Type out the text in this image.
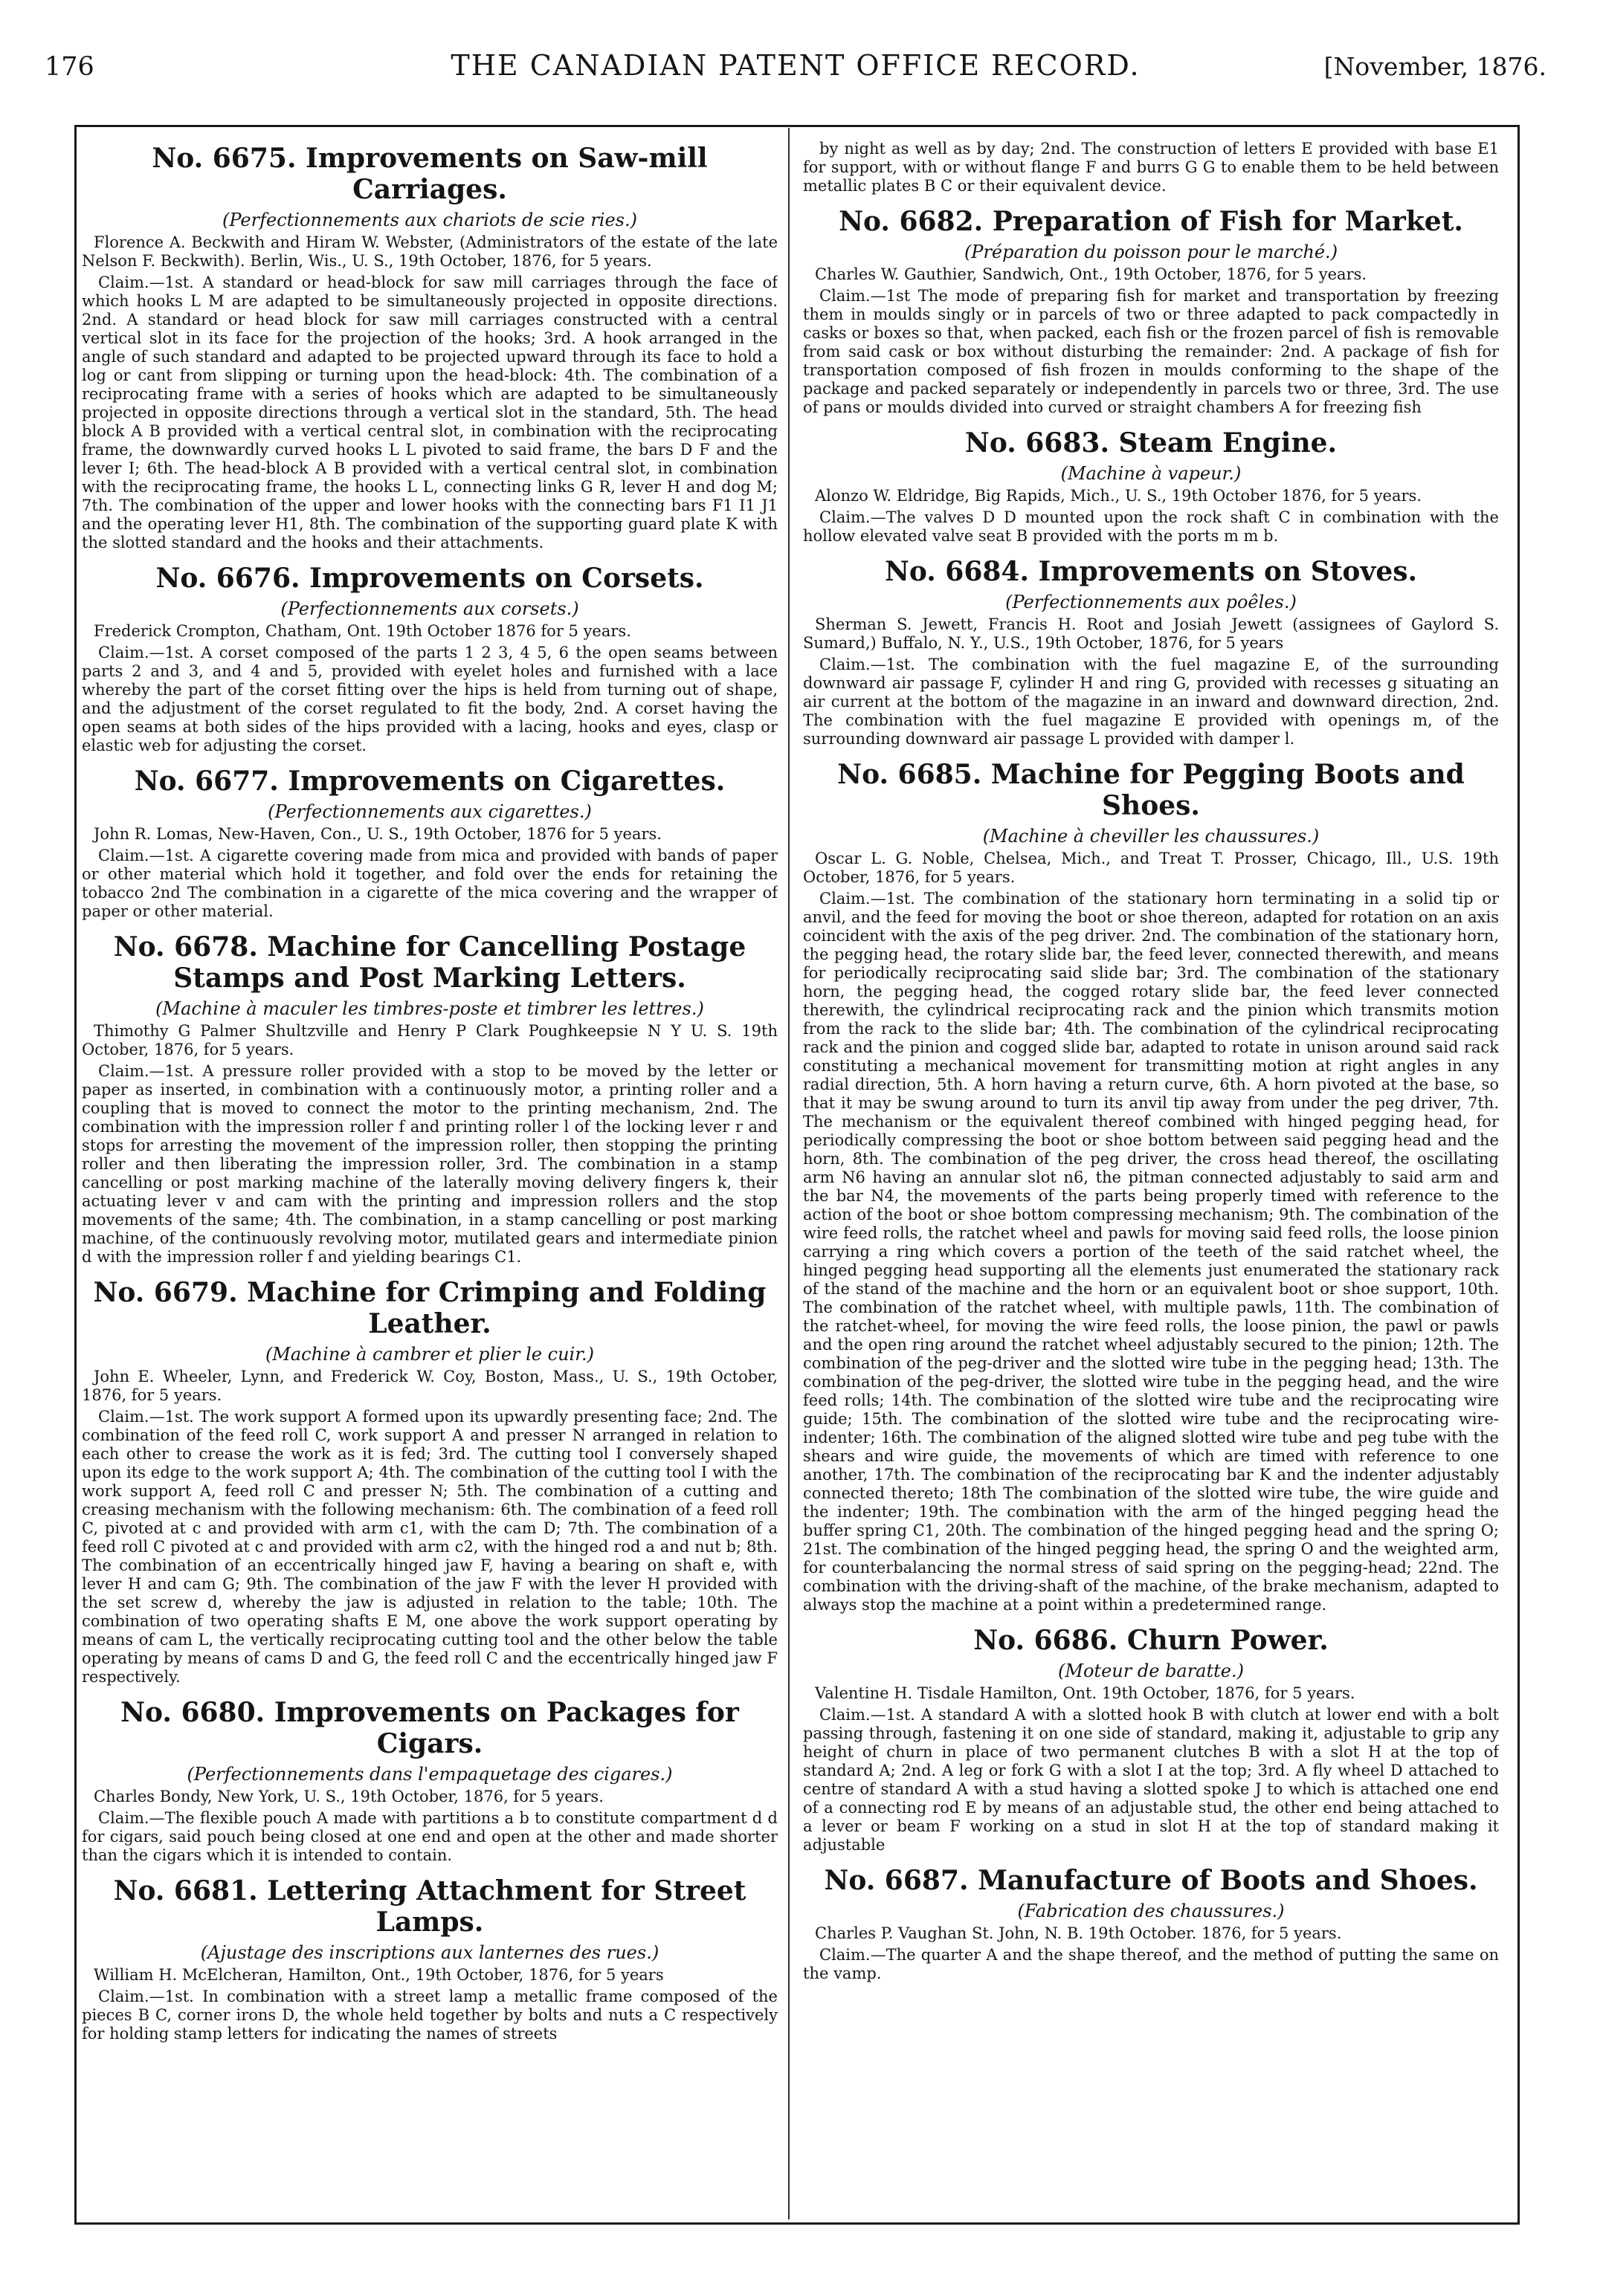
176	THE CANADIAN PATENT OFFICE RECORD.	[November, 1876.
No. 6675. Improvements on Saw-mill Carriages.
(Perfectionnements aux chariots de scie ries.)
Florence A. Beckwith and Hiram W. Webster, (Administrators of the estate of the late Nelson F. Beckwith). Berlin, Wis., U. S., 19th October, 1876, for 5 years.
Claim.—1st. A standard or head-block for saw mill carriages through the face of which hooks L M are adapted to be simultaneously projected in opposite directions. 2nd. A standard or head block for saw mill carriages constructed with a central vertical slot in its face for the projection of the hooks; 3rd. A hook arranged in the angle of such standard and adapted to be projected upward through its face to hold a log or cant from slipping or turning upon the head-block: 4th. The combination of a reciprocating frame with a series of hooks which are adapted to be simultaneously projected in opposite directions through a vertical slot in the standard, 5th. The head block A B provided with a vertical central slot, in combination with the reciprocating frame, the downwardly curved hooks L L pivoted to said frame, the bars D F and the lever I; 6th. The head-block A B provided with a vertical central slot, in combination with the reciprocating frame, the hooks L L, connecting links G R, lever H and dog M; 7th. The combination of the upper and lower hooks with the connecting bars F1 I1 J1 and the operating lever H1, 8th. The combination of the supporting guard plate K with the slotted standard and the hooks and their attachments.
No. 6676. Improvements on Corsets.
(Perfectionnements aux corsets.)
Frederick Crompton, Chatham, Ont. 19th October 1876 for 5 years.
Claim.—1st. A corset composed of the parts 1 2 3, 4 5, 6 the open seams between parts 2 and 3, and 4 and 5, provided with eyelet holes and furnished with a lace whereby the part of the corset fitting over the hips is held from turning out of shape, and the adjustment of the corset regulated to fit the body, 2nd. A corset having the open seams at both sides of the hips provided with a lacing, hooks and eyes, clasp or elastic web for adjusting the corset.
No. 6677. Improvements on Cigarettes.
(Perfectionnements aux cigarettes.)
John R. Lomas, New-Haven, Con., U. S., 19th October, 1876 for 5 years.
Claim.—1st. A cigarette covering made from mica and provided with bands of paper or other material which hold it together, and fold over the ends for retaining the tobacco 2nd The combination in a cigarette of the mica covering and the wrapper of paper or other material.
No. 6678. Machine for Cancelling Postage Stamps and Post Marking Letters.
(Machine à maculer les timbres-poste et timbrer les lettres.)
Thimothy G Palmer Shultzville and Henry P Clark Poughkeepsie N Y U. S. 19th October, 1876, for 5 years.
Claim.—1st. A pressure roller provided with a stop to be moved by the letter or paper as inserted, in combination with a continuously motor, a printing roller and a coupling that is moved to connect the motor to the printing mechanism, 2nd. The combination with the impression roller f and printing roller l of the locking lever r and stops for arresting the movement of the impression roller, then stopping the printing roller and then liberating the impression roller, 3rd. The combination in a stamp cancelling or post marking machine of the laterally moving delivery fingers k, their actuating lever v and cam with the printing and impression rollers and the stop movements of the same; 4th. The combination, in a stamp cancelling or post marking machine, of the continuously revolving motor, mutilated gears and intermediate pinion d with the impression roller f and yielding bearings C1.
No. 6679. Machine for Crimping and Folding Leather.
(Machine à cambrer et plier le cuir.)
John E. Wheeler, Lynn, and Frederick W. Coy, Boston, Mass., U. S., 19th October, 1876, for 5 years.
Claim.—1st. The work support A formed upon its upwardly presenting face; 2nd. The combination of the feed roll C, work support A and presser N arranged in relation to each other to crease the work as it is fed; 3rd. The cutting tool I conversely shaped upon its edge to the work support A; 4th. The combination of the cutting tool I with the work support A, feed roll C and presser N; 5th. The combination of a cutting and creasing mechanism with the following mechanism: 6th. The combination of a feed roll C, pivoted at c and provided with arm c1, with the cam D; 7th. The combination of a feed roll C pivoted at c and provided with arm c2, with the hinged rod a and nut b; 8th. The combination of an eccentrically hinged jaw F, having a bearing on shaft e, with lever H and cam G; 9th. The combination of the jaw F with the lever H provided with the set screw d, whereby the jaw is adjusted in relation to the table; 10th. The combination of two operating shafts E M, one above the work support operating by means of cam L, the vertically reciprocating cutting tool and the other below the table operating by means of cams D and G, the feed roll C and the eccentrically hinged jaw F respectively.
No. 6680. Improvements on Packages for Cigars.
(Perfectionnements dans l'empaquetage des cigares.)
Charles Bondy, New York, U. S., 19th October, 1876, for 5 years.
Claim.—The flexible pouch A made with partitions a b to constitute compartment d d for cigars, said pouch being closed at one end and open at the other and made shorter than the cigars which it is intended to contain.
No. 6681. Lettering Attachment for Street Lamps.
(Ajustage des inscriptions aux lanternes des rues.)
William H. McElcheran, Hamilton, Ont., 19th October, 1876, for 5 years
Claim.—1st. In combination with a street lamp a metallic frame composed of the pieces B C, corner irons D, the whole held together by bolts and nuts a C respectively for holding stamp letters for indicating the names of streets
by night as well as by day; 2nd. The construction of letters E provided with base E1 for support, with or without flange F and burrs G G to enable them to be held between metallic plates B C or their equivalent device.
No. 6682. Preparation of Fish for Market.
(Préparation du poisson pour le marché.)
Charles W. Gauthier, Sandwich, Ont., 19th October, 1876, for 5 years.
Claim.—1st The mode of preparing fish for market and transportation by freezing them in moulds singly or in parcels of two or three adapted to pack compactedly in casks or boxes so that, when packed, each fish or the frozen parcel of fish is removable from said cask or box without disturbing the remainder: 2nd. A package of fish for transportation composed of fish frozen in moulds conforming to the shape of the package and packed separately or independently in parcels two or three, 3rd. The use of pans or moulds divided into curved or straight chambers A for freezing fish
No. 6683. Steam Engine.
(Machine à vapeur.)
Alonzo W. Eldridge, Big Rapids, Mich., U. S., 19th October 1876, for 5 years.
Claim.—The valves D D mounted upon the rock shaft C in combination with the hollow elevated valve seat B provided with the ports m m b.
No. 6684. Improvements on Stoves.
(Perfectionnements aux poêles.)
Sherman S. Jewett, Francis H. Root and Josiah Jewett (assignees of Gaylord S. Sumard,) Buffalo, N. Y., U.S., 19th October, 1876, for 5 years
Claim.—1st. The combination with the fuel magazine E, of the surrounding downward air passage F, cylinder H and ring G, provided with recesses g situating an air current at the bottom of the magazine in an inward and downward direction, 2nd. The combination with the fuel magazine E provided with openings m, of the surrounding downward air passage L provided with damper l.
No. 6685. Machine for Pegging Boots and Shoes.
(Machine à cheviller les chaussures.)
Oscar L. G. Noble, Chelsea, Mich., and Treat T. Prosser, Chicago, Ill., U.S. 19th October, 1876, for 5 years.
Claim.—1st. The combination of the stationary horn terminating in a solid tip or anvil, and the feed for moving the boot or shoe thereon, adapted for rotation on an axis coincident with the axis of the peg driver. 2nd. The combination of the stationary horn, the pegging head, the rotary slide bar, the feed lever, connected therewith, and means for periodically reciprocating said slide bar; 3rd. The combination of the stationary horn, the pegging head, the cogged rotary slide bar, the feed lever connected therewith, the cylindrical reciprocating rack and the pinion which transmits motion from the rack to the slide bar; 4th. The combination of the cylindrical reciprocating rack and the pinion and cogged slide bar, adapted to rotate in unison around said rack constituting a mechanical movement for transmitting motion at right angles in any radial direction, 5th. A horn having a return curve, 6th. A horn pivoted at the base, so that it may be swung around to turn its anvil tip away from under the peg driver, 7th. The mechanism or the equivalent thereof combined with hinged pegging head, for periodically compressing the boot or shoe bottom between said pegging head and the horn, 8th. The combination of the peg driver, the cross head thereof, the oscillating arm N6 having an annular slot n6, the pitman connected adjustably to said arm and the bar N4, the movements of the parts being properly timed with reference to the action of the boot or shoe bottom compressing mechanism; 9th. The combination of the wire feed rolls, the ratchet wheel and pawls for moving said feed rolls, the loose pinion carrying a ring which covers a portion of the teeth of the said ratchet wheel, the hinged pegging head supporting all the elements just enumerated the stationary rack of the stand of the machine and the horn or an equivalent boot or shoe support, 10th. The combination of the ratchet wheel, with multiple pawls, 11th. The combination of the ratchet-wheel, for moving the wire feed rolls, the loose pinion, the pawl or pawls and the open ring around the ratchet wheel adjustably secured to the pinion; 12th. The combination of the peg-driver and the slotted wire tube in the pegging head; 13th. The combination of the peg-driver, the slotted wire tube in the pegging head, and the wire feed rolls; 14th. The combination of the slotted wire tube and the reciprocating wire guide; 15th. The combination of the slotted wire tube and the reciprocating wire-indenter; 16th. The combination of the aligned slotted wire tube and peg tube with the shears and wire guide, the movements of which are timed with reference to one another, 17th. The combination of the reciprocating bar K and the indenter adjustably connected thereto; 18th The combination of the slotted wire tube, the wire guide and the indenter; 19th. The combination with the arm of the hinged pegging head the buffer spring C1, 20th. The combination of the hinged pegging head and the spring O; 21st. The combination of the hinged pegging head, the spring O and the weighted arm, for counterbalancing the normal stress of said spring on the pegging-head; 22nd. The combination with the driving-shaft of the machine, of the brake mechanism, adapted to always stop the machine at a point within a predetermined range.
No. 6686. Churn Power.
(Moteur de baratte.)
Valentine H. Tisdale Hamilton, Ont. 19th October, 1876, for 5 years.
Claim.—1st. A standard A with a slotted hook B with clutch at lower end with a bolt passing through, fastening it on one side of standard, making it, adjustable to grip any height of churn in place of two permanent clutches B with a slot H at the top of standard A; 2nd. A leg or fork G with a slot I at the top; 3rd. A fly wheel D attached to centre of standard A with a stud having a slotted spoke J to which is attached one end of a connecting rod E by means of an adjustable stud, the other end being attached to a lever or beam F working on a stud in slot H at the top of standard making it adjustable
No. 6687. Manufacture of Boots and Shoes.
(Fabrication des chaussures.)
Charles P. Vaughan St. John, N. B. 19th October. 1876, for 5 years.
Claim.—The quarter A and the shape thereof, and the method of putting the same on the vamp.
